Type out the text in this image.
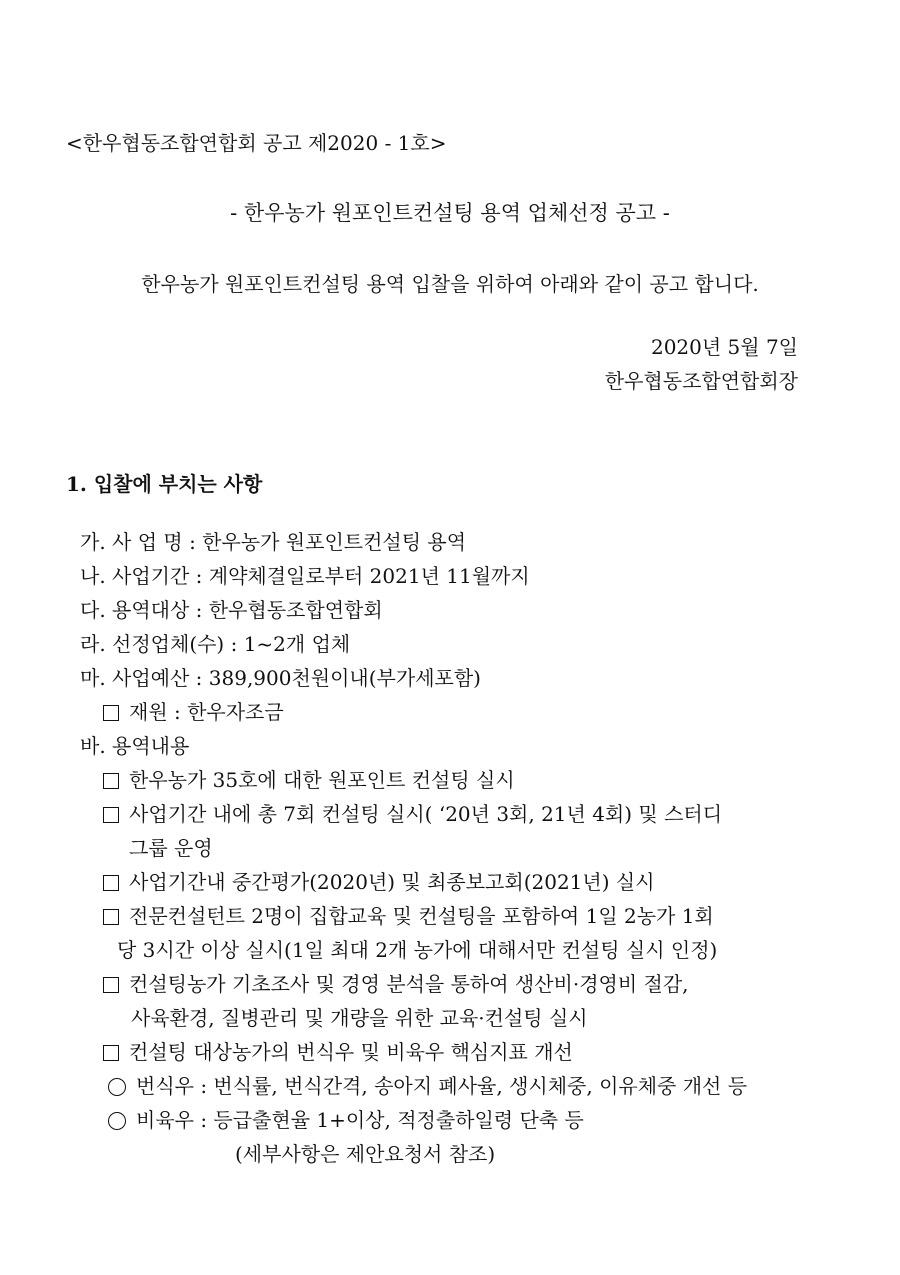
<한우협동조합연합회 공고 제2020 - 1호>
- 한우농가 원포인트컨설팅 용역 업체선정 공고 -
한우농가 원포인트컨설팅 용역 입찰을 위하여 아래와 같이 공고 합니다.
2020년 5월 7일
한우협동조합연합회장
1. 입찰에 부치는 사항
가. 사 업 명 : 한우농가 원포인트컨설팅 용역
나. 사업기간 : 계약체결일로부터 2021년 11월까지
다. 용역대상 : 한우협동조합연합회
라. 선정업체(수) : 1~2개 업체
마. 사업예산 : 389,900천원이내(부가세포함)
재원 : 한우자조금
바. 용역내용
한우농가 35호에 대한 원포인트 컨설팅 실시
사업기간 내에 총 7회 컨설팅 실시( ‘20년 3회, 21년 4회) 및 스터디
그룹 운영
사업기간내 중간평가(2020년) 및 최종보고회(2021년) 실시
전문컨설턴트 2명이 집합교육 및 컨설팅을 포함하여 1일 2농가 1회
당 3시간 이상 실시(1일 최대 2개 농가에 대해서만 컨설팅 실시 인정)
컨설팅농가 기초조사 및 경영 분석을 통하여 생산비·경영비 절감,
사육환경, 질병관리 및 개량을 위한 교육·컨설팅 실시
컨설팅 대상농가의 번식우 및 비육우 핵심지표 개선
번식우 : 번식률, 번식간격, 송아지 폐사율, 생시체중, 이유체중 개선 등
비육우 : 등급출현율 1+이상, 적정출하일령 단축 등
(세부사항은 제안요청서 참조)
